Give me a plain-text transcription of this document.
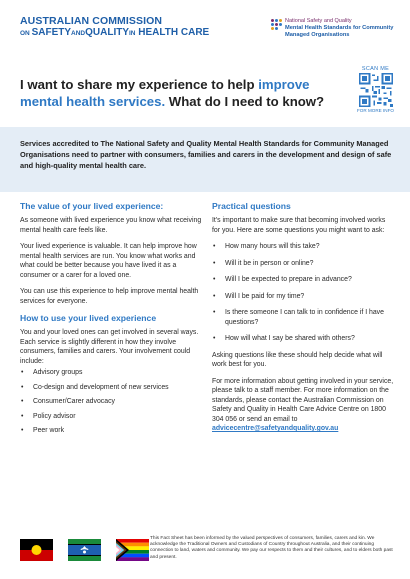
AUSTRALIAN COMMISSION
ON SAFETYANDQUALITYIN HEALTH CARE
National Safety and Quality
Mental Health Standards for Community Managed Organisations
I want to share my experience to help improve mental health services. What do I need to know?
SCAN ME
FOR MORE INFO

Services accredited to The National Safety and Quality Mental Health Standards for Community Managed Organisations need to partner with consumers, families and carers in the development and design of safe and high-quality mental health care.

The value of your lived experience:

As someone with lived experience you know what receiving mental health care feels like.

Your lived experience is valuable. It can help improve how mental health services are run. You know what works and what could be better because you have lived it as a consumer or a carer for a loved one.

You can use this experience to help improve mental health services for everyone.

How to use your lived experience

You and your loved ones can get involved in several ways. Each service is slightly different in how they involve consumers, families and carers. Your involvement could include:

• Advisory groups
• Co-design and development of new services
• Consumer/Carer advocacy
• Policy advisor
• Peer work
Practical questions

It's important to make sure that becoming involved works for you. Here are some questions you might want to ask:

• How many hours will this take?
• Will it be in person or online?
• Will I be expected to prepare in advance?
• Will I be paid for my time?
• Is there someone I can talk to in confidence if I have questions?
• How will what I say be shared with others?

Asking questions like these should help decide what will work best for you.

For more information about getting involved in your service, please talk to a staff member. For more information on the standards, please contact the Australian Commission on Safety and Quality in Health Care Advice Centre on 1800 304 056 or send an email to advicecentre@safetyandquality.gov.au

This Fact Sheet has been informed by the valued perspectives of consumers, families, carers and kin. We acknowledge the Traditional Owners and Custodians of Country throughout Australia, and their continuing connection to land, waters and community. We pay our respects to them and their cultures, and to elders both past and present.
